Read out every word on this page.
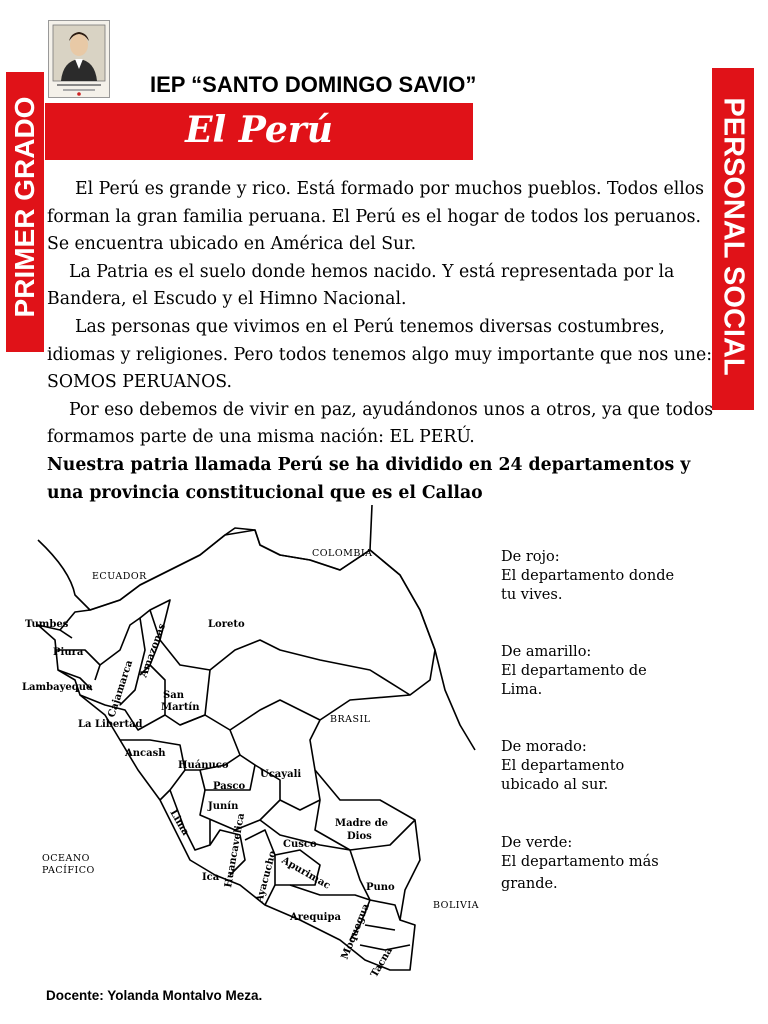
IEP “SANTO DOMINGO SAVIO”
El Perú
PRIMER GRADO	PERSONAL SOCIAL

El Perú es grande y rico. Está formado por muchos pueblos. Todos ellos forman la gran familia peruana. El Perú es el hogar de todos los peruanos. Se encuentra ubicado en América del Sur.

La Patria es el suelo donde hemos nacido. Y está representada por la Bandera, el Escudo y el Himno Nacional.

Las personas que vivimos en el Perú tenemos diversas costumbres, idiomas y religiones. Pero todos tenemos algo muy importante que nos une: SOMOS PERUANOS.

Por eso debemos de vivir en paz, ayudándonos unos a otros, ya que todos formamos parte de una misma nación: EL PERÚ.

Nuestra patria llamada Perú se ha dividido en 24 departamentos y una provincia constitucional que es el Callao

COLOMBIA
ECUADOR
BRASIL
BOLIVIA
OCEANO
PACÍFICO
Tumbes
Piura
Lambayeque Cajamarca
Amazonas	Loreto
San
Martín
La Libertad
Ancash
Huánuco
Ucayali
Pasco
Junín
Lima	Madre de
Dios
Cusco
Huancavelica Ayacucho Apurimac
Ica
Puno
Arequipa
Moquegua
Tacna
De rojo:
El departamento donde
tu vives.
De amarillo:
El departamento de
Lima.
De morado:
El departamento
ubicado al sur.
De verde:
El departamento más
grande.
Docente: Yolanda Montalvo Meza.
